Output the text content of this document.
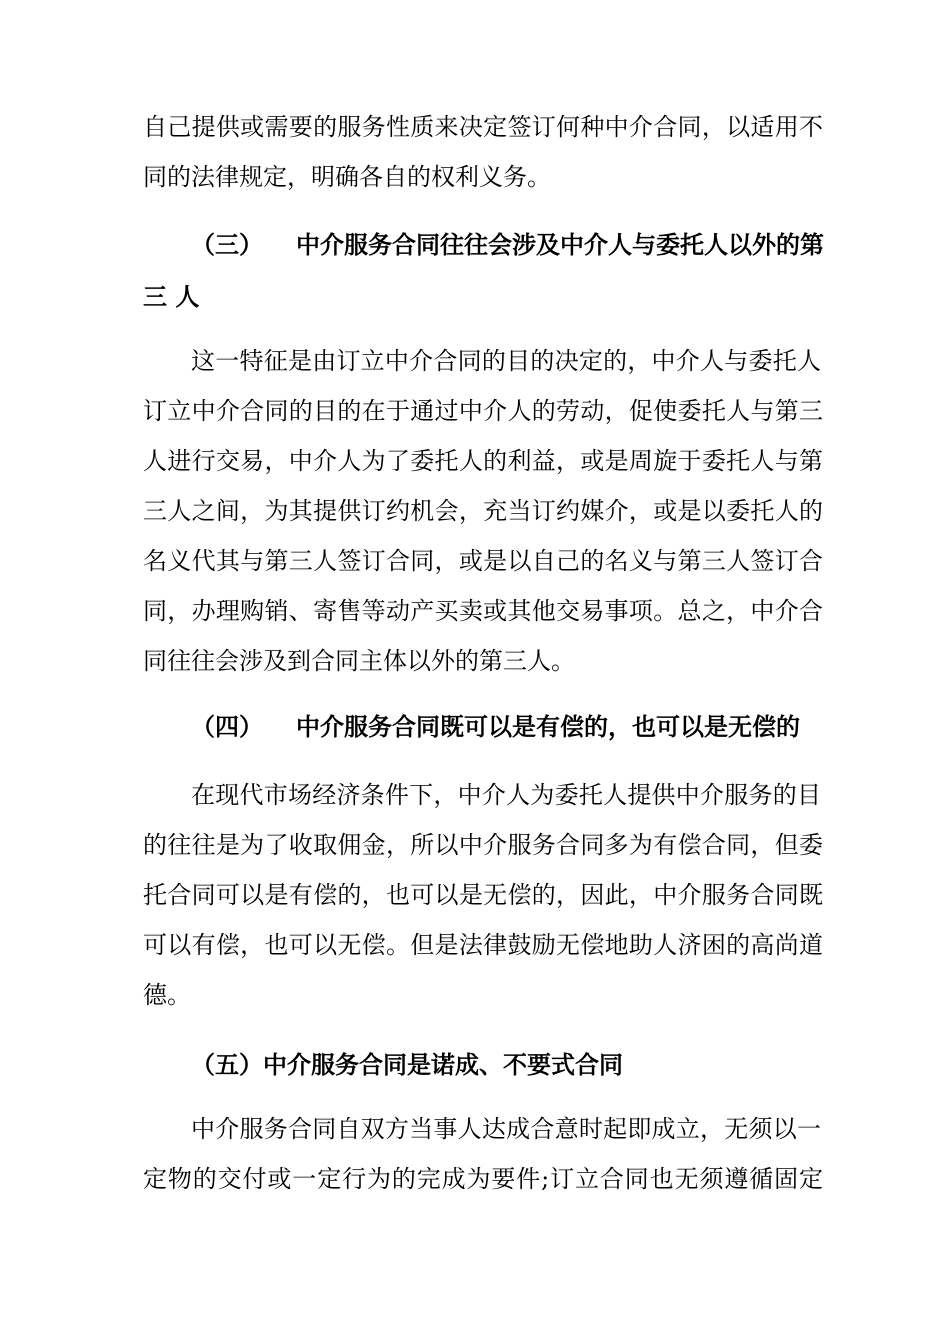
自己提供或需要的服务性质来决定签订何种中介合同，以适用不
同的法律规定，明确各自的权利义务。
（三） 中介服务合同往往会涉及中介人与委托人以外的第
三 人
这一特征是由订立中介合同的目的决定的，中介人与委托人
订立中介合同的目的在于通过中介人的劳动，促使委托人与第三
人进行交易，中介人为了委托人的利益，或是周旋于委托人与第
三人之间，为其提供订约机会，充当订约媒介，或是以委托人的
名义代其与第三人签订合同，或是以自己的名义与第三人签订合
同，办理购销、寄售等动产买卖或其他交易事项。总之，中介合
同往往会涉及到合同主体以外的第三人。
（四） 中介服务合同既可以是有偿的，也可以是无偿的
在现代市场经济条件下，中介人为委托人提供中介服务的目
的往往是为了收取佣金，所以中介服务合同多为有偿合同，但委
托合同可以是有偿的，也可以是无偿的，因此，中介服务合同既
可以有偿，也可以无偿。但是法律鼓励无偿地助人济困的高尚道
德。
（五）中介服务合同是诺成、不要式合同
中介服务合同自双方当事人达成合意时起即成立，无须以一
定物的交付或一定行为的完成为要件;订立合同也无须遵循固定
